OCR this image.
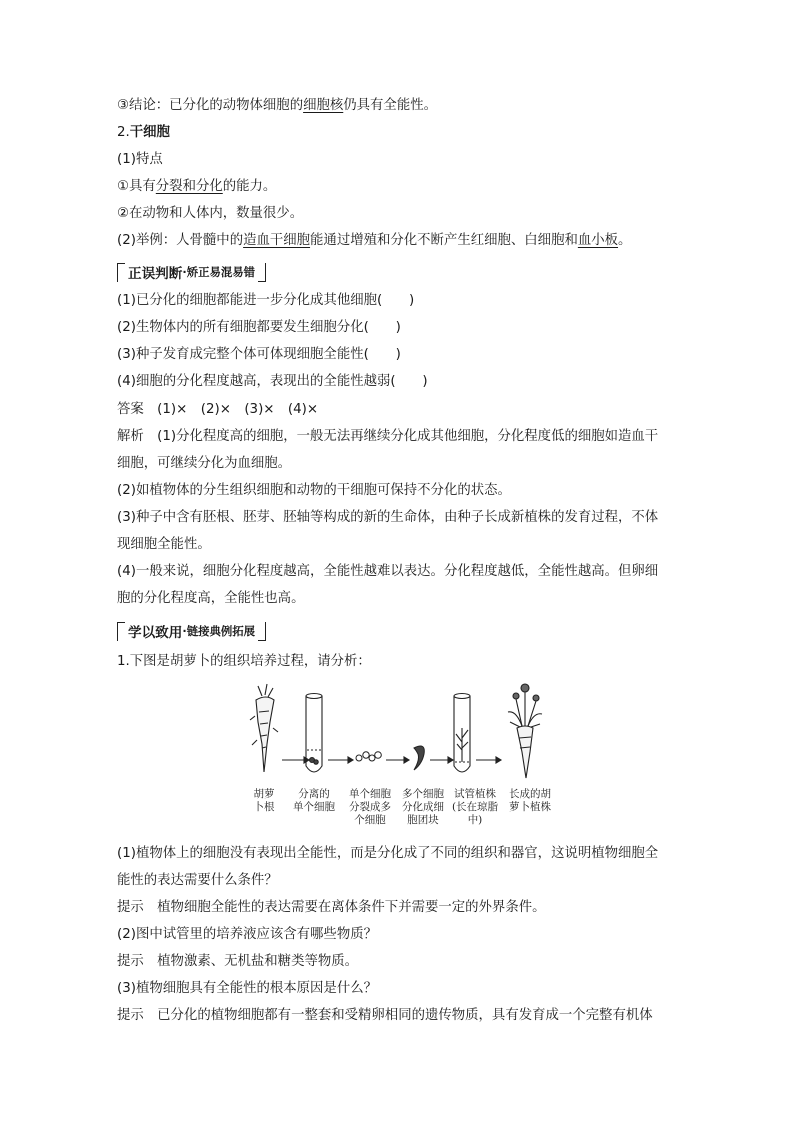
③结论：已分化的动物体细胞的细胞核仍具有全能性。
2.干细胞
(1)特点
①具有分裂和分化的能力。
②在动物和人体内，数量很少。
(2)举例：人骨髓中的造血干细胞能通过增殖和分化不断产生红细胞、白细胞和血小板。
正误判断 ·矫正易混易错
(1)已分化的细胞都能进一步分化成其他细胞(　　)
(2)生物体内的所有细胞都要发生细胞分化(　　)
(3)种子发育成完整个体可体现细胞全能性(　　)
(4)细胞的分化程度越高，表现出的全能性越弱(　　)
答案　(1)×　(2)×　(3)×　(4)×
解析　(1)分化程度高的细胞，一般无法再继续分化成其他细胞，分化程度低的细胞如造血干
细胞，可继续分化为血细胞。
(2)如植物体的分生组织细胞和动物的干细胞可保持不分化的状态。
(3)种子中含有胚根、胚芽、胚轴等构成的新的生命体，由种子长成新植株的发育过程，不体
现细胞全能性。
(4)一般来说，细胞分化程度越高，全能性越难以表达。分化程度越低，全能性越高。但卵细
胞的分化程度高，全能性也高。
学以致用 ·链接典例拓展
1.下图是胡萝卜的组织培养过程，请分析：
胡萝
卜根
分离的
单个细胞
单个细胞
分裂成多
个细胞
多个细胞
分化成细
胞团块
试管植株
(长在琼脂
中)
长成的胡
萝卜植株
(1)植物体上的细胞没有表现出全能性，而是分化成了不同的组织和器官，这说明植物细胞全
能性的表达需要什么条件？
提示　植物细胞全能性的表达需要在离体条件下并需要一定的外界条件。
(2)图中试管里的培养液应该含有哪些物质？
提示　植物激素、无机盐和糖类等物质。
(3)植物细胞具有全能性的根本原因是什么？
提示　已分化的植物细胞都有一整套和受精卵相同的遗传物质，具有发育成一个完整有机体
